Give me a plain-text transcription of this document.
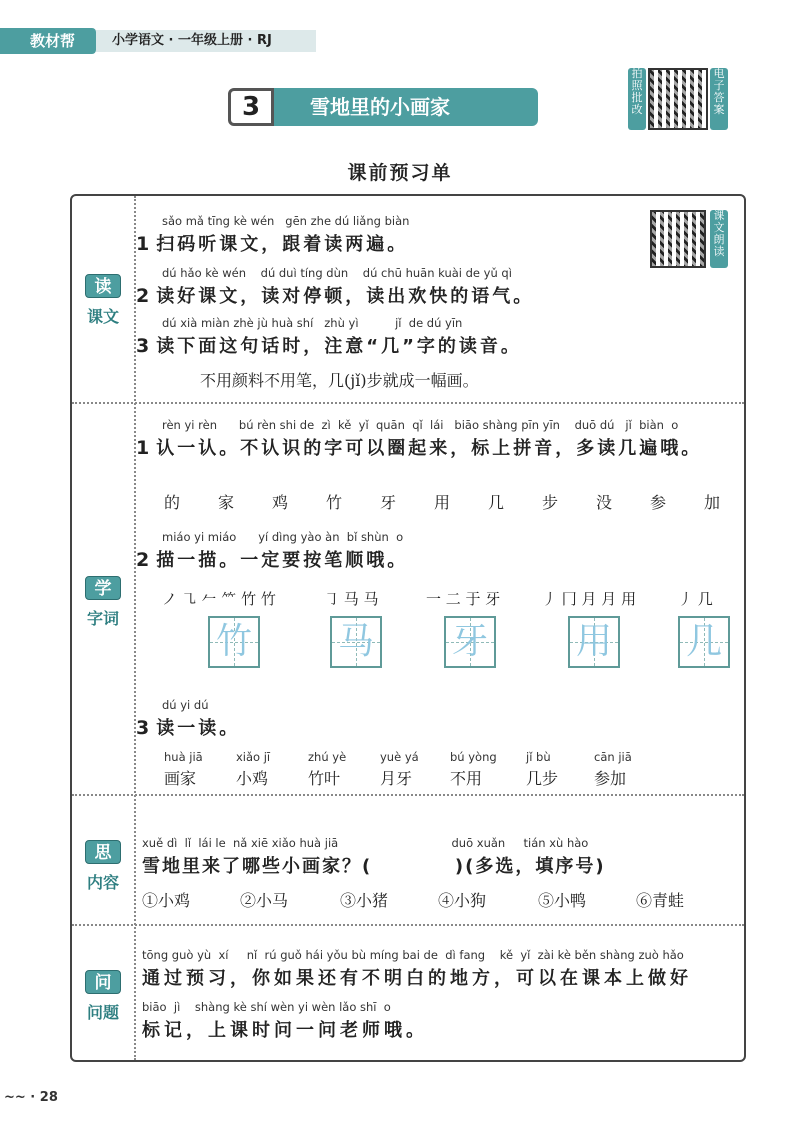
教材帮	小学语文 · 一年级上册 · RJ
3	雪地里的小画家
拍照批改
电子答案
课前预习单
读
课文
课文朗读
sǎo mǎ tīng kè wén   gēn zhe dú liǎng biàn
1 扫码听课文，跟着读两遍。
dú hǎo kè wén    dú duì tíng dùn    dú chū huān kuài de yǔ qì
2 读好课文，读对停顿，读出欢快的语气。
dú xià miàn zhè jù huà shí   zhù yì          jǐ  de dú yīn
3 读下面这句话时，注意“几”字的读音。
不用颜料不用笔，几(jǐ)步就成一幅画。
学
字词
rèn yi rèn      bú rèn shi de  zì  kě  yǐ  quān  qǐ  lái   biāo shàng pīn yīn    duō dú   jǐ  biàn  o
1 认一认。不认识的字可以圈起来，标上拼音，多读几遍哦。
的 家 鸡 竹 牙 用 几 步 没 参 加
miáo yi miáo      yí dìng yào àn  bǐ shùn  o
2 描一描。一定要按笔顺哦。
ノ ㇈ 𠂉 ⺮ 竹 竹	㇆ 马 马	一 二 于 牙	丿 冂 月 月 用	丿 几
竹 马 牙 用 几
dú yi dú
3 读一读。
huà jiā
画家
xiǎo jī
小鸡
zhú yè
竹叶
yuè yá
月牙
bú yòng
不用
jǐ bù
几步
cān jiā
参加
思
内容
xuě dì  lǐ  lái le  nǎ xiē xiǎo huà jiā                               duō xuǎn     tián xù hào
雪地里来了哪些小画家？(          )(多选，填序号)
①小鸡	②小马	③小猪	④小狗	⑤小鸭	⑥青蛙
问
问题
tōng guò yù  xí     nǐ  rú guǒ hái yǒu bù míng bai de  dì fang    kě  yǐ  zài kè běn shàng zuò hǎo
通过预习，你如果还有不明白的地方，可以在课本上做好
biāo  jì    shàng kè shí wèn yi wèn lǎo shī  o
标记，上课时问一问老师哦。
~~ · 28
